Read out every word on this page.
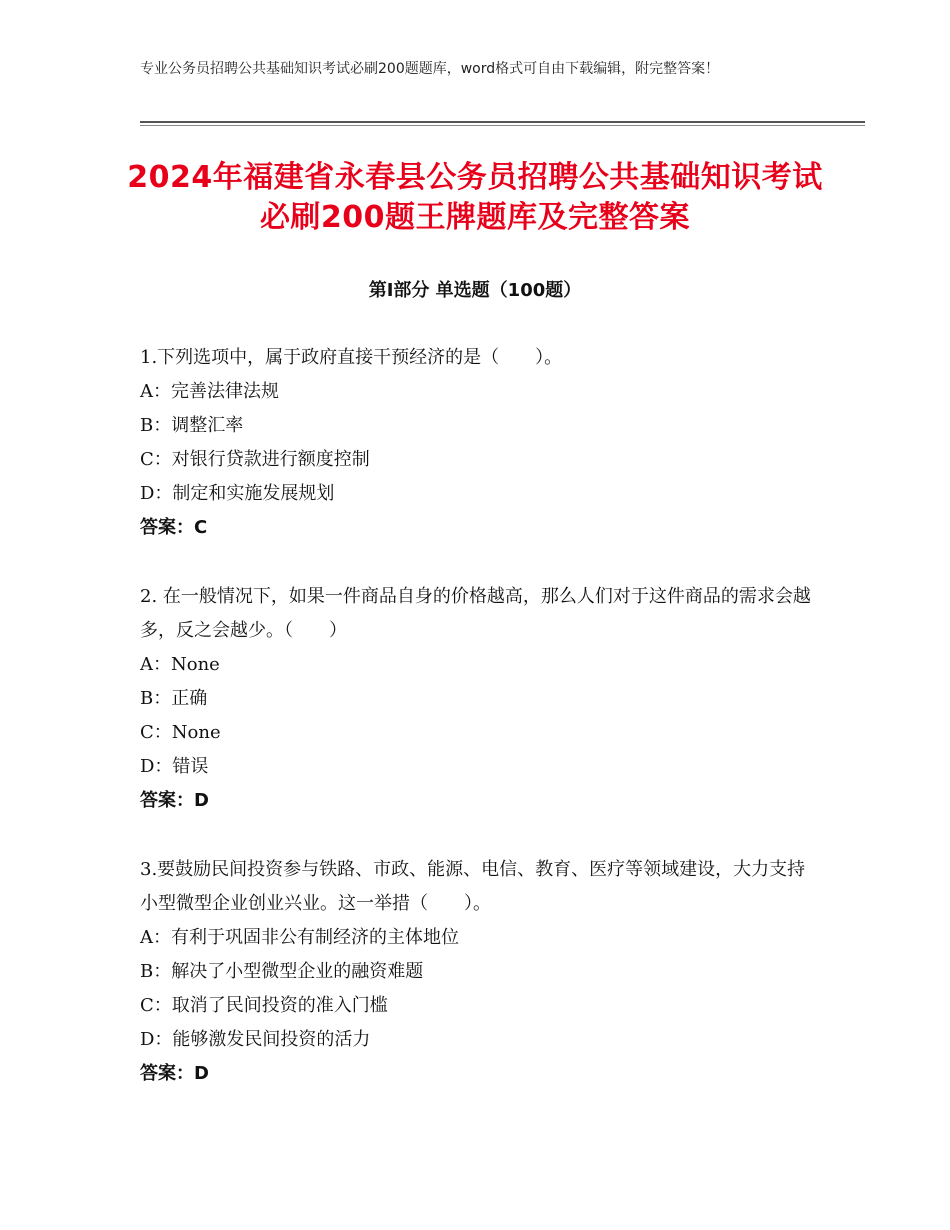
专业公务员招聘公共基础知识考试必刷200题题库，word格式可自由下载编辑，附完整答案！
2024年福建省永春县公务员招聘公共基础知识考试必刷200题王牌题库及完整答案
第Ⅰ部分 单选题（100题）
1.下列选项中，属于政府直接干预经济的是（　　）。
A：完善法律法规
B：调整汇率
C：对银行贷款进行额度控制
D：制定和实施发展规划
答案：C
2. 在一般情况下，如果一件商品自身的价格越高，那么人们对于这件商品的需求会越多，反之会越少。（　　）
A：None
B：正确
C：None
D：错误
答案：D
3.要鼓励民间投资参与铁路、市政、能源、电信、教育、医疗等领域建设，大力支持小型微型企业创业兴业。这一举措（　　）。
A：有利于巩固非公有制经济的主体地位
B：解决了小型微型企业的融资难题
C：取消了民间投资的准入门槛
D：能够激发民间投资的活力
答案：D
